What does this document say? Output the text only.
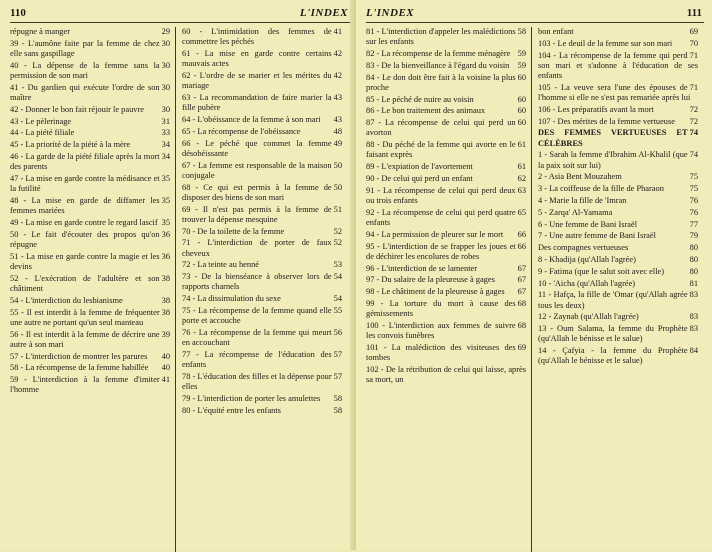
110	L'INDEX
29
répugne à manger
30
39 - L'aumône faite par la femme de chez elle sans gaspillage
30
40 - La dépense de la femme sans la permission de son mari
30
41 - Du gardien qui exécute l'ordre de son maître
30
42 - Donner le bon fait réjouir le pauvre
31
43 - Le pèlerinage
33
44 - La piété filiale
34
45 - La priorité de la piété à la mère
34
46 - La garde de la piété filiale après la mort des parents
35
47 - La mise en garde contre la médisance et la futilité
35
48 - La mise en garde de diffamer les femmes mariées
35
49 - La mise en garde contre le regard lascif
36
50 - Le fait d'écouter des propos qu'on répugne
36
51 - La mise en garde contre la magie et les devins
38
52 - L'exécration de l'adultère et son châtiment
38
54 - L'interdiction du lesbianisme
38
55 - Il est interdit à la femme de fréquenter une autre ne portant qu'un seul manteau
39
56 - Il est interdit à la femme de décrire une autre à son mari
40
57 - L'interdiction de montrer les parures
40
58 - La récompense de la femme habillée
41
59 - L'interdiction à la femme d'imiter l'homme
41
60 - L'intimidation des femmes de commettre les péchés
42
61 - La mise en garde contre certains mauvais actes
42
62 - L'ordre de se marier et les mérites du mariage
43
63 - La recommandation de faire marier la fille pubère
43
64 - L'obéissance de la femme à son mari
48
65 - La récompense de l'obéissance
49
66 - Le péché que commet la femme désobéissante
50
67 - La femme est responsable de la maison conjugale
50
68 - Ce qui est permis à la femme de disposer des biens de son mari
51
69 - Il n'est pas permis à la femme de trouver la dépense mesquine
52
70 - De la toilette de la femme
52
71 - L'interdiction de porter de faux cheveux
53
72 - La teinte au henné
54
73 - De la bienséance à observer lors de rapports charnels
54
74 - La dissimulation du sexe
55
75 - La récompense de la femme quand elle porte et accouche
56
76 - La récompense de la femme qui meurt en accouchant
57
77 - La récompense de l'éducation des enfants
57
78 - L'éducation des filles et la dépense pour elles
58
79 - L'interdiction de porter les amulettes
58
80 - L'équité entre les enfants
L'INDEX	111
58
81 - L'interdiction d'appeler les malédictions sur les enfants
59
82 - La récompense de la femme ménagère
59
83 - De la bienveillance à l'égard du voisin
60
84 - Le don doit être fait à la voisine la plus proche
60
85 - Le péché de nuire au voisin
60
86 - Le bon traitement des animaux
60
87 - La récompense de celui qui perd un avorton
61
88 - Du péché de la femme qui avorte en le faisant exprès
61
89 - L'expiation de l'avortement
62
90 - De celui qui perd un enfant
63
91 - La récompense de celui qui perd deux ou trois enfants
65
92 - La récompense de celui qui perd quatre enfants
66
94 - La permission de pleurer sur le mort
66
95 - L'interdiction de se frapper les joues et de déchirer les encolures de robes
67
96 - L'interdiction de se lamenter
67
97 - Du salaire de la pleureuse à gages
67
98 - Le châtiment de la pleureuse à gages
68
99 - La torture du mort à cause des gémissements
68
100 - L'interdiction aux femmes de suivre les convois funèbres
69
101 - La malédiction des visiteuses des tombes
102 - De la rétribution de celui qui laisse, après sa mort, un
69
bon enfant
70
103 - Le deuil de la femme sur son mari
71
104 - La récompense de la femme qui perd son mari et s'adonne à l'éducation de ses enfants
71
105 - La veuve sera l'une des épouses de l'homme si elle ne s'est pas remariée après lui
72
106 - Les préparatifs avant la mort
72
107 - Des mérites de la femme vertueuse
74
DES FEMMES VERTUEUSES ET CÉLÈBRES
74
1 - Sarah la femme d'Ibrahim Al-Khalil (que la paix soit sur lui)
75
2 - Asia Bent Mouzahem
75
3 - La coiffeuse de la fille de Pharaon
76
4 - Marie la fille de 'Imran
76
5 - Zarqa' Al-Yamama
77
6 - Une femme de Bani Israël
79
7 - Une autre femme de Bani Israël
80
Des compagnes vertueuses
80
8 - Khadija (qu'Allah l'agrée)
80
9 - Fatima (que le salut soit avec elle)
81
10 - 'Aicha (qu'Allah l'agrée)
83
11 - Hafça, la fille de 'Omar (qu'Allah agrée tous les deux)
83
12 - Zaynab (qu'Allah l'agrée)
83
13 - Oum Salama, la femme du Prophète (qu'Allah le bénisse et le salue)
84
14 - Çafyia - la femme du Prophète (qu'Allah le bénisse et le salue)
